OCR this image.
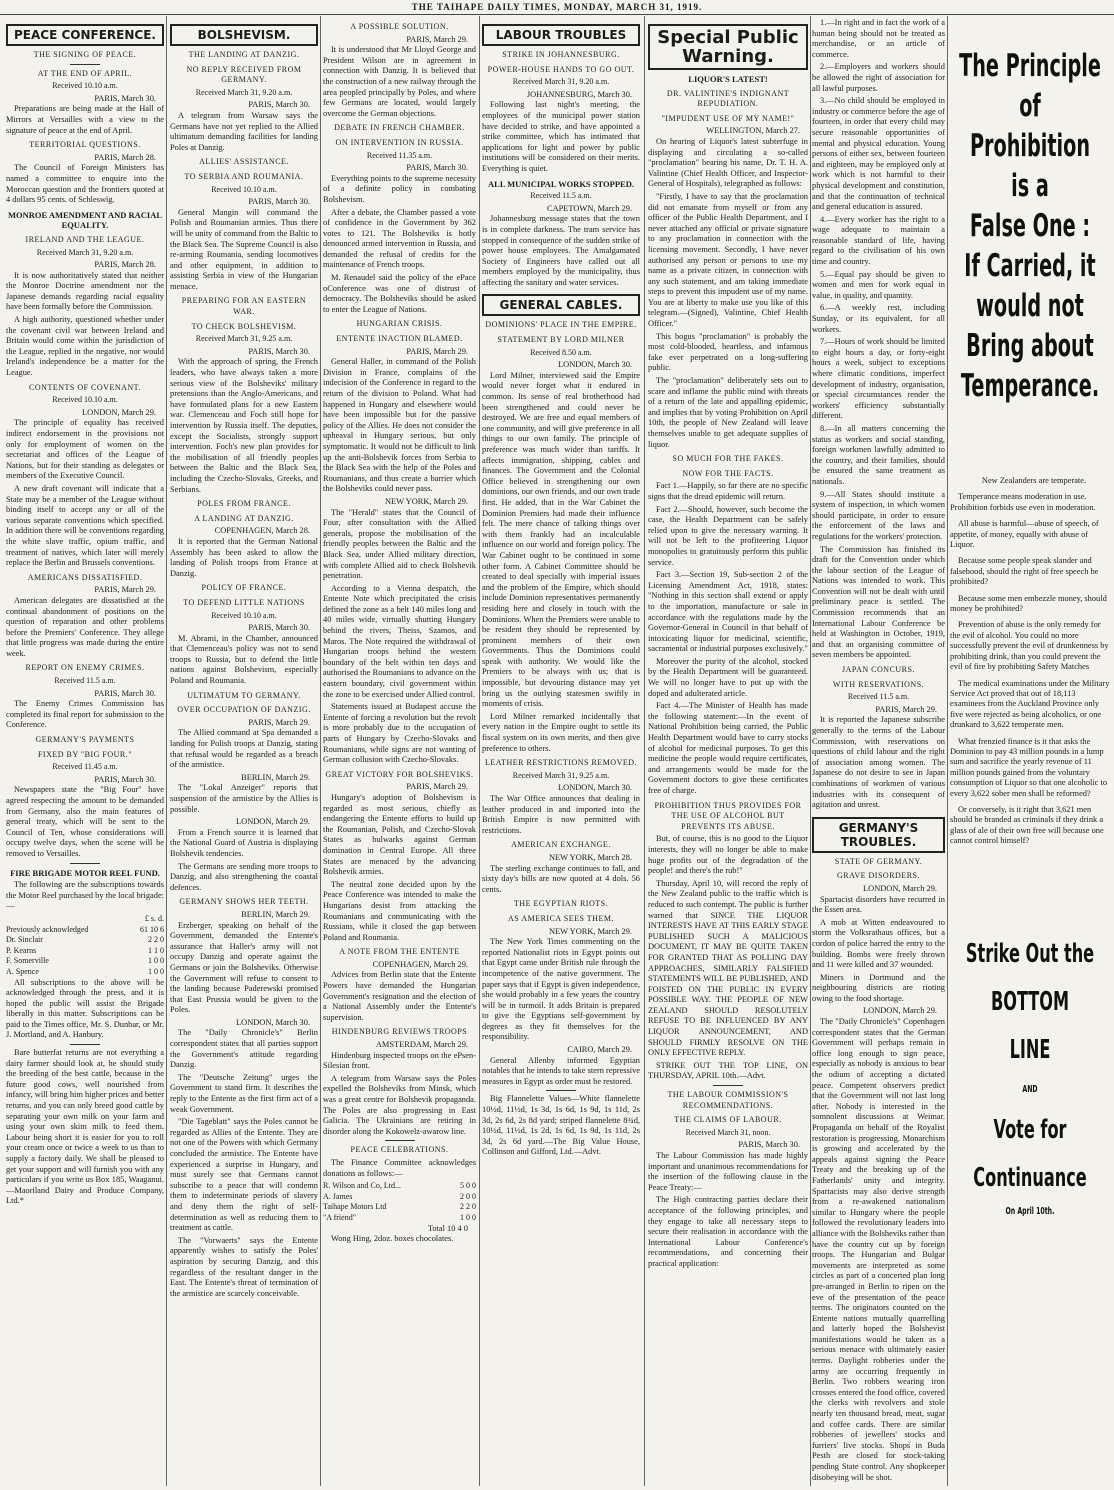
THE TAIHAPE DAILY TIMES, MONDAY, MARCH 31, 1919.
PEACE CONFERENCE.
THE SIGNING OF PEACE.
AT THE END OF APRIL.
Received 10.10 a.m.
PARIS, March 30.

Preparations are being made at the Hall of Mirrors at Versailles with a view to the signature of peace at the end of April.

TERRITORIAL QUESTIONS.
PARIS, March 28.

The Council of Foreign Ministers has named a committee to enquire into the Moroccan question and the frontiers quoted at 4 dollars 95 cents. of Schleswig.

MONROE AMENDMENT AND RACIAL EQUALITY.
IRELAND AND THE LEAGUE.
Received March 31, 9.20 a.m.
PARIS, March 28.

It is now authoritatively stated that neither the Monroe Doctrine amendment nor the Japanese demands regarding racial equality have been formally before the Commission.

A high authority, questioned whether under the covenant civil war between Ireland and Britain would come within the jurisdiction of the League, replied in the negative, nor would Ireland's independence be a matter for the League.

CONTENTS OF COVENANT.
Received 10.10 a.m.
LONDON, March 29.

The principle of equality has received indirect endorsement in the provisions not only for employment of women on the secretariat and offices of the League of Nations, but for their standing as delegates or members of the Executive Council.

A new draft covenant will indicate that a State may be a member of the League without binding itself to accept any or all of the various separate conventions which specified. In addition there will be conventions regarding the white slave traffic, opium traffic, and treatment of natives, which later will merely replace the Berlin and Brussels conventions.

AMERICANS DISSATISFIED.
PARIS, March 29.

American delegates are dissatisfied at the continual abandonment of positions on the question of reparation and other problems before the Premiers' Conference. They allege that little progress was made during the entire week.

REPORT ON ENEMY CRIMES.
Received 11.5 a.m.
PARIS, March 30.

The Enemy Crimes Commission has completed its final report for submission to the Conference.

GERMANY'S PAYMENTS
FIXED BY "BIG FOUR."
Received 11.45 a.m.
PARIS, March 30.

Newspapers state the "Big Four" have agreed respecting the amount to be demanded from Germany, also the main features of general treaty, which will be sent to the Council of Ten, whose considerations will occupy twelve days, when the scene will be removed to Versailles.

FIRE BRIGADE MOTOR REEL FUND.

The following are the subscriptions towards the Motor Reel purchased by the local brigade:—

	£ s. d.
Previously acknowledged	61 10 6
Dr. Sinclair	2 2 0
P. Kearns	1 1 0
F. Somerville	1 0 0
A. Spence	1 0 0

All subscriptions to the above will be acknowledged through the press, and it is hoped the public will assist the Brigade liberally in this matter. Subscriptions can be paid to the Times office, Mr. S. Dunbar, or Mr. J. Mortland, and A. Hanbury.

Bare butterfat returns are not everything a dairy farmer should look at, he should study the breeding of the best cattle, because in the future good cows, well nourished from infancy, will bring him higher prices and better returns, and you can only breed good cattle by separating your own milk on your farm and using your own skim milk to feed them. Labour being short it is easier for you to roll your cream once or twice a week to us than to supply a factory daily. We shall be pleased to get your support and will furnish you with any particulars if you write us Box 185, Waaganui.—Maoriland Dairy and Produce Company, Ltd.*

BOLSHEVISM.
THE LANDING AT DANZIG.
NO REPLY RECEIVED FROM GERMANY.
Received March 31, 9.20 a.m.
PARIS, March 30.

A telegram from Warsaw says the Germans have not yet replied to the Allied ultimatum demanding facilities for landing Poles at Danzig.

ALLIES' ASSISTANCE.
TO SERBIA AND ROUMANIA.
Received 10.10 a.m.
PARIS, March 30.

General Mangin will command the Polish and Roumanian armies. Thus there will be unity of command from the Baltic to the Black Sea. The Supreme Council is also re-arming Roumania, sending locomotives and other equipment, in addition to assisting Serbia in view of the Hungarian menace.

PREPARING FOR AN EASTERN WAR.
TO CHECK BOLSHEVISM.
Received March 31, 9.25 a.m.
PARIS, March 30.

With the approach of spring, the French leaders, who have always taken a more serious view of the Bolsheviks' military pretensions than the Anglo-Americans, and have formulated plans for a new Eastern war. Clemenceau and Foch still hope for intervention by Russia itself. The deputies, except the Socialists, strongly support intervention. Foch's new plan provides for the mobilisation of all friendly peoples between the Baltic and the Black Sea, including the Czecho-Slovaks, Greeks, and Serbians.

POLES FROM FRANCE.
A LANDING AT DANZIG.
COPENHAGEN, March 28.

It is reported that the German National Assembly has been asked to allow the landing of Polish troops from France at Danzig.

POLICY OF FRANCE.
TO DEFEND LITTLE NATIONS
Received 10.10 a.m.
PARIS, March 30.

M. Abrami, in the Chamber, announced that Clemenceau's policy was not to send troops to Russia, but to defend the little nations against Bolshevism, especially Poland and Roumania.

ULTIMATUM TO GERMANY.
OVER OCCUPATION OF DANZIG.
PARIS, March 29.

The Allied command at Spa demanded a landing for Polish troops at Danzig, stating that refusal would be regarded as a breach of the armistice.

BERLIN, March 29.

The "Lokal Anzeiger" reports that suspension of the armistice by the Allies is possible.

LONDON, March 29.

From a French source it is learned that the National Guard of Austria is displaying Bolshevik tendencies.

The Germans are sending more troops to Danzig, and also strengthening the coastal defences.

GERMANY SHOWS HER TEETH.
BERLIN, March 29.

Erzberger, speaking on behalf of the Government, demanded the Entente's assurance that Haller's army will not occupy Danzig and operate against the Germans or join the Bolsheviks. Otherwise the Government will refuse to consent to the landing because Paderewski promised that East Prussia would be given to the Poles.

LONDON, March 30.

The "Daily Chronicle's" Berlin correspondent states that all parties support the Government's attitude regarding Danzig.

The "Deutsche Zeitung" urges the Government to stand firm. It describes the reply to the Entente as the first firm act of a weak Government.

"Die Tageblatt" says the Poles cannot be regarded as Allies of the Entente. They are not one of the Powers with which Germany concluded the armistice. The Entente have experienced a surprise in Hungary, and must surely see that Germans cannot subscribe to a peace that will condemn them to indeterminate periods of slavery and deny them the right of self-determination as well as reducing them to treatment as cattle.

The "Vorwaerts" says the Entente apparently wishes to satisfy the Poles' aspiration by securing Danzig, and this regardless of the resultant danger in the East. The Entente's threat of termination of the armistice are scarcely conceivable.

A POSSIBLE SOLUTION.
PARIS, March 29.

It is understood that Mr Lloyd George and President Wilson are in agreement in connection with Danzig. It is believed that the construction of a new railway through the area peopled principally by Poles, and where few Germans are located, would largely overcome the German objections.

DEBATE IN FRENCH CHAMBER.
ON INTERVENTION IN RUSSIA.
Received 11.35 a.m.
PARIS, March 30.

Everything points to the supreme necessity of a definite policy in combating Bolshevism.

After a debate, the Chamber passed a vote of confidence in the Government by 362 votes to 121. The Bolsheviks is hotly denounced armed intervention in Russia, and demanded the refusal of credits for the maintenance of French troops.

M. Renaudel said the policy of the ePace oConference was one of distrust of democracy. The Bolsheviks should be asked to enter the League of Nations.

HUNGARIAN CRISIS.
ENTENTE INACTION BLAMED.
PARIS, March 29.

General Haller, in command of the Polish Division in France, complains of the indecision of the Conference in regard to the return of the division to Poland. What had happened in Hungary and elsewhere would have been impossible but for the passive policy of the Allies. He does not consider the upheaval in Hungary serious, but only symptomatic. It would not be difficult to link up the anti-Bolshevik forces from Serbia to the Black Sea with the help of the Poles and Roumanians, and thus create a barrier which the Bolsheviks could never pass.

NEW YORK, March 29.

The "Herald" states that the Council of Four, after consultation with the Allied generals, propose the mobilisation of the friendly peoples between the Baltic and the Black Sea, under Allied military direction, with complete Allied aid to check Bolshevik penetration.

According to a Vienna despatch, the Entente Note which precipitated the crisis defined the zone as a belt 140 miles long and 40 miles wide, virtually shutting Hungary behind the rivers, Theiss, Szamos, and Maros. The Note required the withdrawal of Hungarian troops behind the western boundary of the belt within ten days and authorised the Roumanians to advance on the eastern boundary, civil government within the zone to be exercised under Allied control.

Statements issued at Budapest accuse the Entente of forcing a revolution but the revolt is more probably due to the occupation of parts of Hungary by Czecho-Slovaks and Roumanians, while signs are not wanting of German collusion with Czecho-Slovaks.

GREAT VICTORY FOR BOLSHEVIKS.
PARIS, March 29.

Hungary's adoption of Bolshevism is regarded as most serious, chiefly as endangering the Entente efforts to build up the Roumanian, Polish, and Czecho-Slovak States as bulwarks against German domination in Central Europe. All three States are menaced by the advancing Bolshevik armies.

The neutral zone decided upon by the Peace Conference was intended to make the Hungarians desist from attacking the Roumanians and communicating with the Russians, while it closed the gap between Poland and Roumania.

A NOTE FROM THE ENTENTE
COPENHAGEN, March 29.

Advices from Berlin state that the Entente Powers have demanded the Hungarian Government's resignation and the election of a National Assembly under the Entente's supervision.

HINDENBURG REVIEWS TROOPS
AMSTERDAM, March 29.

Hindenburg inspected troops on the ePsen-Silesian front.

A telegram from Warsaw says the Poles expelled the Bolsheviks from Minsk, which was a great centre for Bolshevik propaganda. The Poles are also progressing in East Galicia. The Ukrainians are retiring in disorder along the Kokowelz-awarow line.

PEACE CELEBRATIONS.

The Finance Committee acknowledges donations as follows:—

R. Wilson and Co, Ltd...	5 0 0
A. James	2 0 0
Taihape Motors Ltd	2 2 0
"A friend"	1 0 0
Total 10 4 0

Wong Hing, 2doz. boxes chocolates.

LABOUR TROUBLES
STRIKE IN JOHANNESBURG.
POWER-HOUSE HANDS TO GO OUT.
Received March 31, 9.20 a.m.
JOHANNESBURG, March 30.

Following last night's meeting, the employees of the municipal power station have decided to strike, and have appointed a strike committee, which has intimated that applications for light and power by public institutions will be considered on their merits. Everything is quiet.

ALL MUNICIPAL WORKS STOPPED.
Received 11.5 a.m.
CAPETOWN, March 29.

Johannesburg message states that the town is in complete darkness. The tram service has stopped in consequence of the sudden strike of power house employees. The Amalgamated Society of Engineers have called out all members employed by the municipality, thus affecting the sanitary and water services.

GENERAL CABLES.
DOMINIONS' PLACE IN THE EMPIRE.
STATEMENT BY LORD MILNER
Received 8.50 a.m.
LONDON, March 30.

Lord Milner, interviewed said the Empire would never forget what it endured in common. Its sense of real brotherhood had been strengthened and could never be destroyed. We are free and equal members of one community, and will give preference in all things to our own family. The principle of preference was much wider than tariffs. It affects immigration, shipping, cables and finances. The Government and the Colonial Office believed in strengthening our own dominions, our own friends, and our own trade first. He added, that in the War Cabinet the Dominion Premiers had made their influence felt. The mere chance of talking things over with them frankly had an incalculable influence on our world and foreign policy. The War Cabinet ought to be continued in some other form. A Cabinet Committee should be created to deal specially with imperial issues and the problem of the Empire, which should include Dominion representatives permanently residing here and closely in touch with the Dominions. When the Premiers were unable to be resident they should be represented by prominent members of their own Governments. Thus the Dominions could speak with authority. We would like the Premiers to be always with us; that is impossible, but devouring distance may yet bring us the outlying statesmen swiftly in moments of crisis.

Lord Milner remarked incidentally that every nation in the Empire ought to settle its fiscal system on its own merits, and then give preference to others.

LEATHER RESTRICTIONS REMOVED.
Received March 31, 9.25 a.m.
LONDON, March 30.

The War Office announces that dealing in leather produced in and imported into the British Empire is now permitted with restrictions.

AMERICAN EXCHANGE.
NEW YORK, March 28.

The sterling exchange continues to fall, and sixty day's bills are now quoted at 4 dols. 56 cents.

THE EGYPTIAN RIOTS.
AS AMERICA SEES THEM.
NEW YORK, March 29.

The New York Times commenting on the reported Nationalist riots in Egypt points out that Egypt came under British rule through the incompetence of the native government. The paper says that if Egypt is given independence, she would probably in a few years the country will be in turmoil. It adds Britain is prepared to give the Egyptians self-government by degrees as they fit themselves for the responsibility.

CAIRO, March 29.

General Allenby informed Egyptian notables that he intends to take stern repressive measures in Egypt as order must be restored.

Big Flannelette Values—White flannelette 10½d, 11½d, 1s 3d, 1s 6d, 1s 9d, 1s 11d, 2s 3d, 2s 6d, 2s 8d yard; striped flannelette 8¾d, 10½d, 11½d, 1s 2d, 1s 6d, 1s 9d, 1s 11d, 2s 3d, 2s 6d yard.—The Big Value House, Collinson and Gifford, Ltd.—Advt.

Special Public Warning.
LIQUOR'S LATEST!
DR. VALINTINE'S INDIGNANT REPUDIATION.
"IMPUDENT USE OF MY NAME!"
WELLINGTON, March 27.

On hearing of Liquor's latest subterfuge in displaying and circulating a so-called "proclamation" bearing his name, Dr. T. H. A. Valintine (Chief Health Officer, and Inspector-General of Hospitals), telegraphed as follows:

"Firstly, I have to say that the proclamation did not emanate from myself or from any officer of the Public Health Department, and I never attached any official or private signature to any proclamation in connection with the licensing movement. Secondly, I have never authorised any person or persons to use my name as a private citizen, in connection with any such statement, and am taking immediate steps to prevent this impudent use of my name. You are at liberty to make use you like of this telegram.—(Signed), Valintine, Chief Health Officer."

This bogus "proclamation" is probably the most cold-blooded, heartless, and infamous fake ever perpetrated on a long-suffering public.

The "proclamation" deliberately sets out to scare and inflame the public mind with threats of a return of the late and appalling epidemic, and implies that by voting Prohibition on April 10th, the people of New Zealand will leave themselves unable to get adequate supplies of liquor.

SO MUCH FOR THE FAKES.
NOW FOR THE FACTS.

Fact 1.—Happily, so far there are no specific signs that the dread epidemic will return.

Fact 2.—Should, however, such become the case, the Health Department can be safely relied upon to give the necessary warning. It will not be left to the profiteering Liquor monopolies to gratuitously perform this public service.

Fact 3.—Section 19, Sub-section 2 of the Licensing Amendment Act, 1918, states: "Nothing in this section shall extend or apply to the importation, manufacture or sale in accordance with the regulations made by the Governor-General in Council in that behalf of intoxicating liquor for medicinal, scientific, sacramental or industrial purposes exclusively."

Moreover the purity of the alcohol, stocked by the Health Department will be guaranteed. We will no longer have to put up with the doped and adulterated article.

Fact 4.—The Minister of Health has made the following statement:—In the event of National Prohibition being carried, the Public Health Department would have to carry stocks of alcohol for medicinal purposes. To get this medicine the people would require certificates, and arrangements would be made for the Government doctors to give these certificates free of charge.

PROHIBITION THUS PROVIDES FOR THE USE OF ALCOHOL BUT PREVENTS ITS ABUSE.

But, of course, this is no good to the Liquor interests, they will no longer be able to make huge profits out of the degradation of the people! and there's the rub!"

Thursday, April 10, will record the reply of the New Zealand public to the traffic which is reduced to such contempt. The public is further warned that SINCE THE LIQUOR INTERESTS HAVE AT THIS EARLY STAGE PUBLISHED SUCH A MALICIOUS DOCUMENT, IT MAY BE QUITE TAKEN FOR GRANTED THAT AS POLLING DAY APPROACHES, SIMILARLY FALSIFIED STATEMENTS WILL BE PUBLISHED, AND FOISTED ON THE PUBLIC IN EVERY POSSIBLE WAY. THE PEOPLE OF NEW ZEALAND SHOULD RESOLUTELY REFUSE TO BE INFLUENCED BY ANY LIQUOR ANNOUNCEMENT, AND SHOULD FIRMLY RESOLVE ON THE ONLY EFFECTIVE REPLY.

STRIKE OUT THE TOP LINE, ON THURSDAY, APRIL 10th.—Advt.

THE LABOUR COMMISSION'S RECOMMENDATIONS.
THE CLAIMS OF LABOUR.
Received March 31, noon.
PARIS, March 30.

The Labour Commission has made highly important and unanimous recommendations for the insertion of the following clause in the Peace Treaty:—

The High contracting parties declare their acceptance of the following principles, and they engage to take all necessary steps to secure their realisation in accordance with the International Labour Conference's recommendations, and concerning their practical application:

1.—In right and in fact the work of a human being should not be treated as merchandise, or an article of commerce.

2.—Employers and workers should be allowed the right of association for all lawful purposes.

3.—No child should be employed in industry or commerce before the age of fourteen, in order that every child may secure reasonable opportunities of mental and physical education. Young persons of either sex, between fourteen and eighteen, may be employed only at work which is not harmful to their physical development and constitution, and that the continuation of technical and general education is assured.

4.—Every worker has the right to a wage adequate to maintain a reasonable standard of life, having regard to the civilisation of his own time and country.

5.—Equal pay should be given to women and men for work equal in value, in quality, and quantity.

6.—A weekly rest, including Sunday, or its equivalent, for all workers.

7.—Hours of work should be limited to eight hours a day, or forty-eight hours a week, subject to exceptions where climatic conditions, imperfect development of industry, organisation, or special circumstances render the workers' efficiency substantially different.

8.—In all matters concerning the status as workers and social standing, foreign workmen lawfully admitted to the country, and their families, should be ensured the same treatment as nationals.

9.—All States should institute a system of inspection, in which women should participate, in order to ensure the enforcement of the laws and regulations for the workers' protection.

The Commission has finished its draft for the Convention under which the labour section of the League of Nations was intended to work. This Convention will not be dealt with until preliminary peace is settled. The Commission recommends that an International Labour Conference be held at Washington in October, 1919, and that an organising committee of seven members be appointed.

JAPAN CONCURS.
WITH RESERVATIONS.
Received 11.5 a.m.
PARIS, March 29.

It is reported the Japanese subscribe generally to the terms of the Labour Commission, with reservations on questions of child labour and the right of association among women. The Japanese do not desire to see in Japan combinations of workmen of various industries with its consequent of agitation and unrest.

GERMANY'S TROUBLES.
STATE OF GERMANY.
GRAVE DISORDERS.
LONDON, March 29.

Spartacist disorders have recurred in the Essen area.

A mob at Witten endeavoured to storm the Volksrathaus offices, but a cordon of police barred the entry to the building. Bombs were freely thrown and 11 were killed and 37 wounded.

Miners in Dortmund and the neighbouring districts are rioting owing to the food shortage.

LONDON, March 29.

The "Daily Chronicle's" Copenhagen correspondent states that the German Government will perhaps remain in office long enough to sign peace, especially as nobody is anxious to bear the odium of accepting a dictated peace. Competent observers predict that the Government will not last long after. Nobody is interested in the somnolent discussions at Weimar. Propaganda on behalf of the Royalist restoration is progressing. Monarchism is growing and accelerated by the appeals against signing the Peace Treaty and the breaking up of the Fatherlands' unity and integrity. Spartacists may also derive strength from a re-awakened nationalism similar to Hungary where the people followed the revolutionary leaders into alliance with the Bolsheviks rather than have the country cut up by foreign troops. The Hungarian and Bulgar movements are interpreted as some circles as part of a concerted plan long pre-arranged in Berlin to ripen on the eve of the presentation of the peace terms. The originators counted on the Entente nations mutually quarrelling and latterly hoped the Bolshevist manifestations would be taken as a serious menace with ultimately easier terms. Daylight robberies under the army are occurring frequently in Berlin. Two robbers wearing iron crosses entered the food office, covered the clerks with revolvers and stole nearly ten thousand bread, meat, sugar and coffee cards. There are similar robberies of jewellers' stocks and furriers' live stocks. Shops in Buda Pesth are closed for stock-taking pending State control. Any shopkeeper disobeying will be shot.

The Principle
of
Prohibition
is a
False One :
If Carried, it
would not
Bring about
Temperance.

New Zealanders are temperate.

Temperance means moderation in use. Prohibition forbids use even in moderation.

All abuse is harmful—abuse of speech, of appetite, of money, equally with abuse of Liquor.

Because some people speak slander and falsehood, should the right of free speech be prohibited?

Because some men embezzle money, should money be prohibited?

Prevention of abuse is the only remedy for the evil of alcohol. You could no more successfully prevent the evil of drunkenness by prohibiting drink, than you could prevent the evil of fire by prohibiting Safety Matches

The medical examinations under the Military Service Act proved that out of 18,113 examinees from the Auckland Province only five were rejected as being alcoholics, or one drunkard to 3,622 temperate men.

What frenzied finance is it that asks the Dominion to pay 43 million pounds in a lump sum and sacrifice the yearly revenue of 11 million pounds gained from the voluntary consumption of Liquor so that one alcoholic to every 3,622 sober men shall be reformed?

Or conversely, is it right that 3,621 men should be branded as criminals if they drink a glass of ale of their own free will because one cannot control himself?

Strike Out the
BOTTOM
LINE
AND
Vote for
Continuance
On April 10th.
